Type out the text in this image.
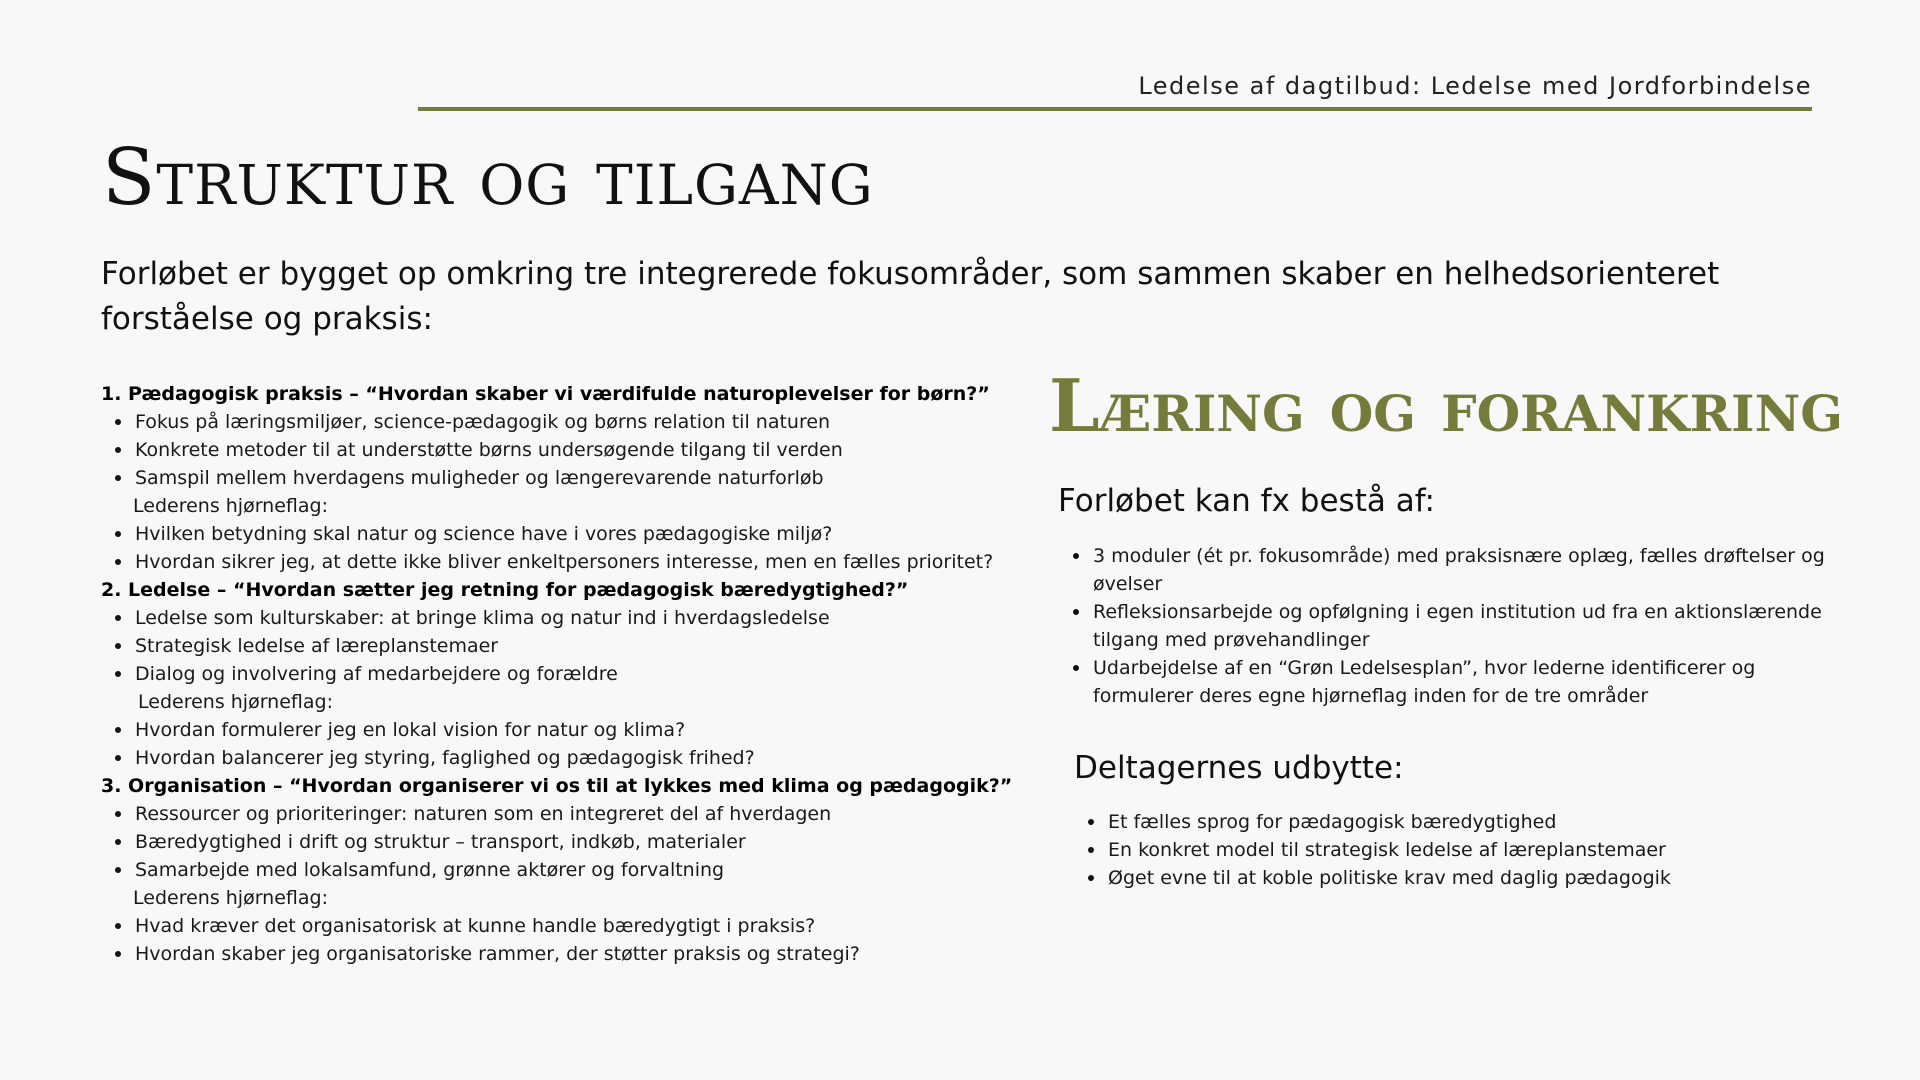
Ledelse af dagtilbud: Ledelse med Jordforbindelse
Struktur og tilgang

Forløbet er bygget op omkring tre integrerede fokusområder, som sammen skaber en helhedsorienteret forståelse og praksis:

1. Pædagogisk praksis – “Hvordan skaber vi værdifulde naturoplevelser for børn?”
Fokus på læringsmiljøer, science-pædagogik og børns relation til naturen
Konkrete metoder til at understøtte børns undersøgende tilgang til verden
Samspil mellem hverdagens muligheder og længerevarende naturforløb
Lederens hjørneflag:
Hvilken betydning skal natur og science have i vores pædagogiske miljø?
Hvordan sikrer jeg, at dette ikke bliver enkeltpersoners interesse, men en fælles prioritet?
2. Ledelse – “Hvordan sætter jeg retning for pædagogisk bæredygtighed?”
Ledelse som kulturskaber: at bringe klima og natur ind i hverdagsledelse
Strategisk ledelse af læreplanstemaer
Dialog og involvering af medarbejdere og forældre
Lederens hjørneflag:
Hvordan formulerer jeg en lokal vision for natur og klima?
Hvordan balancerer jeg styring, faglighed og pædagogisk frihed?
3. Organisation – “Hvordan organiserer vi os til at lykkes med klima og pædagogik?”
Ressourcer og prioriteringer: naturen som en integreret del af hverdagen
Bæredygtighed i drift og struktur – transport, indkøb, materialer
Samarbejde med lokalsamfund, grønne aktører og forvaltning
Lederens hjørneflag:
Hvad kræver det organisatorisk at kunne handle bæredygtigt i praksis?
Hvordan skaber jeg organisatoriske rammer, der støtter praksis og strategi?
Læring og forankring
Forløbet kan fx bestå af:
3 moduler (ét pr. fokusområde) med praksisnære oplæg, fælles drøftelser og øvelser
Refleksionsarbejde og opfølgning i egen institution ud fra en aktionslærende tilgang med prøvehandlinger
Udarbejdelse af en “Grøn Ledelsesplan”, hvor lederne identificerer og formulerer deres egne hjørneflag inden for de tre områder
Deltagernes udbytte:
Et fælles sprog for pædagogisk bæredygtighed
En konkret model til strategisk ledelse af læreplanstemaer
Øget evne til at koble politiske krav med daglig pædagogik
